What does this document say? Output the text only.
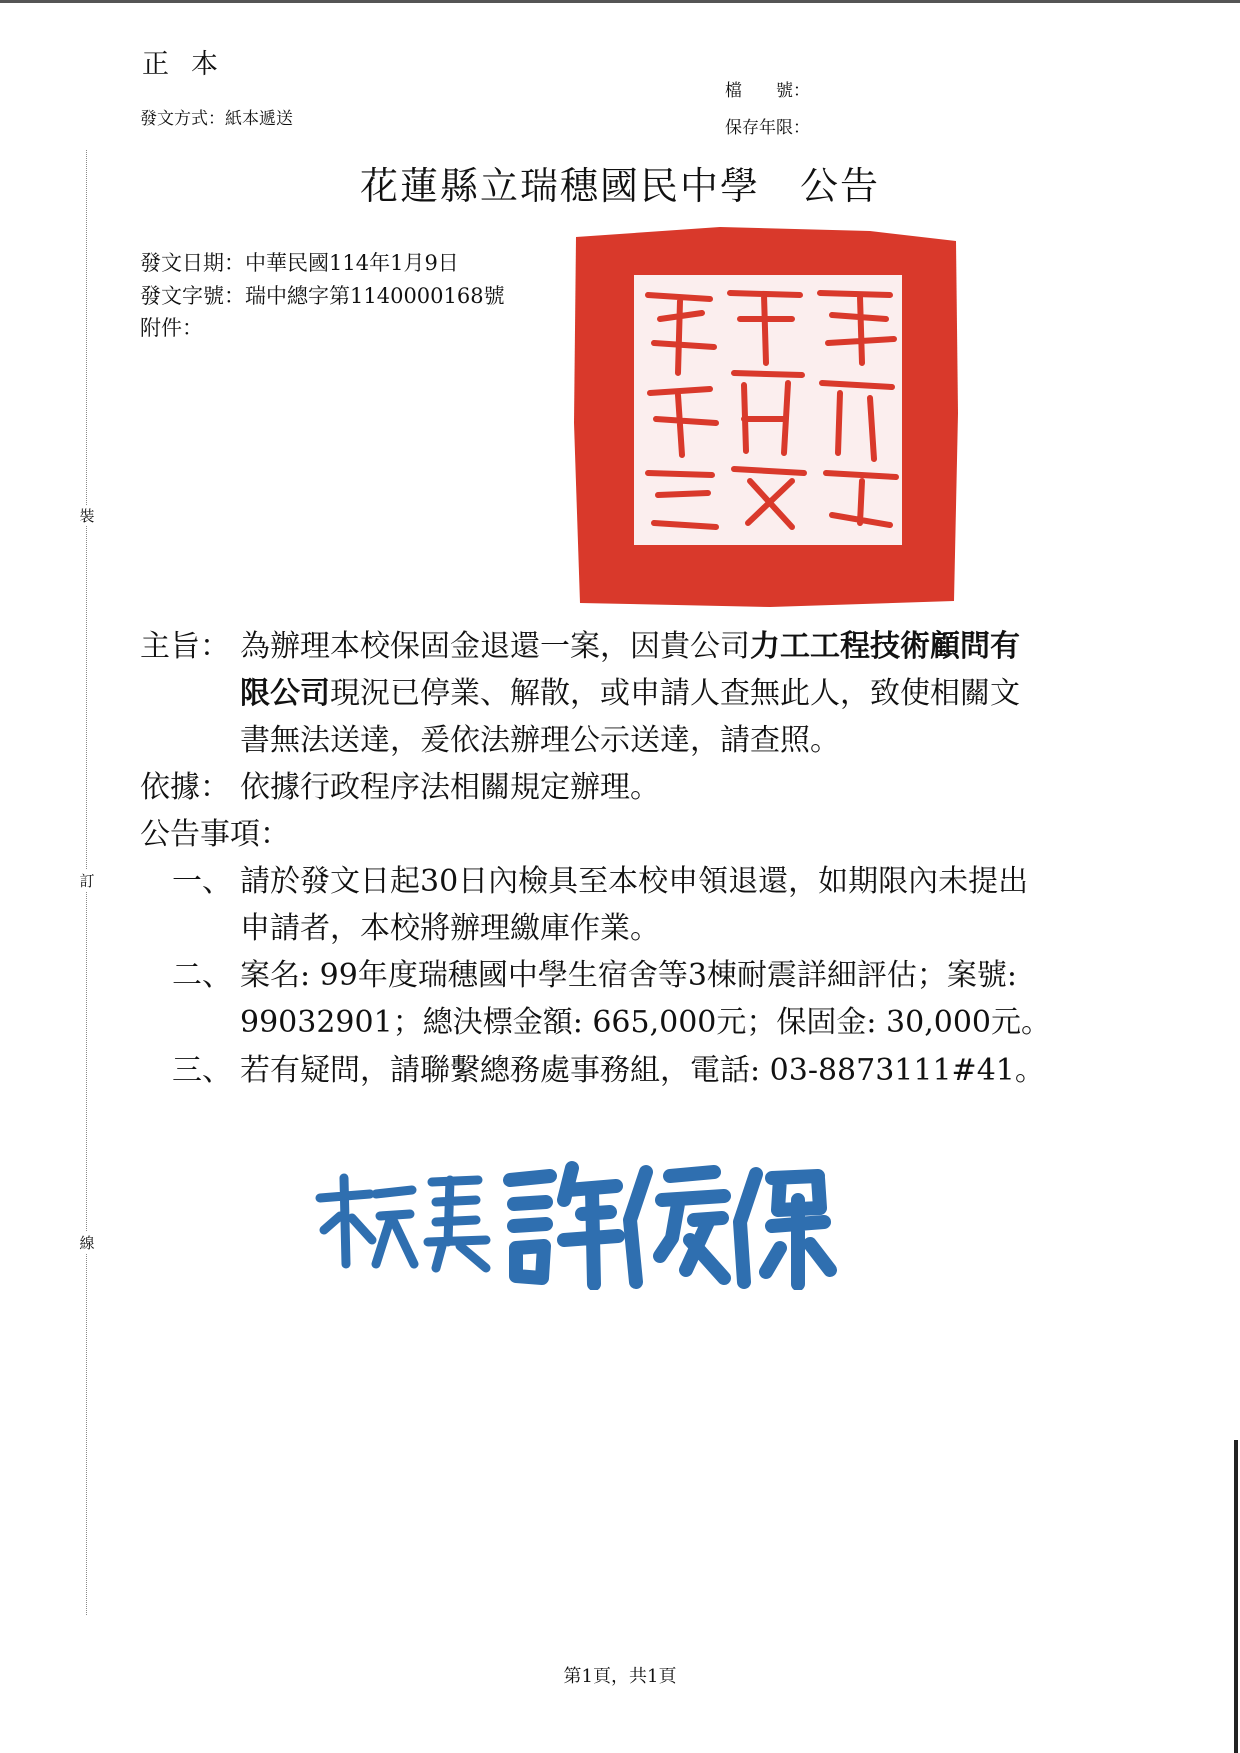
裝
訂
線
正本
發文方式：紙本遞送
檔　　號：
保存年限：
花蓮縣立瑞穗國民中學　公告
發文日期：中華民國114年1月9日
發文字號：瑞中總字第1140000168號
附件：
主旨： 為辦理本校保固金退還一案，因貴公司力工工程技術顧問有
限公司現況已停業、解散，或申請人查無此人，致使相關文
書無法送達，爰依法辦理公示送達，請查照。
依據： 依據行政程序法相關規定辦理。
公告事項：
一、 請於發文日起30日內檢具至本校申領退還，如期限內未提出
申請者，本校將辦理繳庫作業。
二、 案名: 99年度瑞穗國中學生宿舍等3棟耐震詳細評估；案號:
99032901；總決標金額: 665,000元；保固金: 30,000元。
三、 若有疑問，請聯繫總務處事務組，電話: 03-8873111#41。
第1頁，共1頁
